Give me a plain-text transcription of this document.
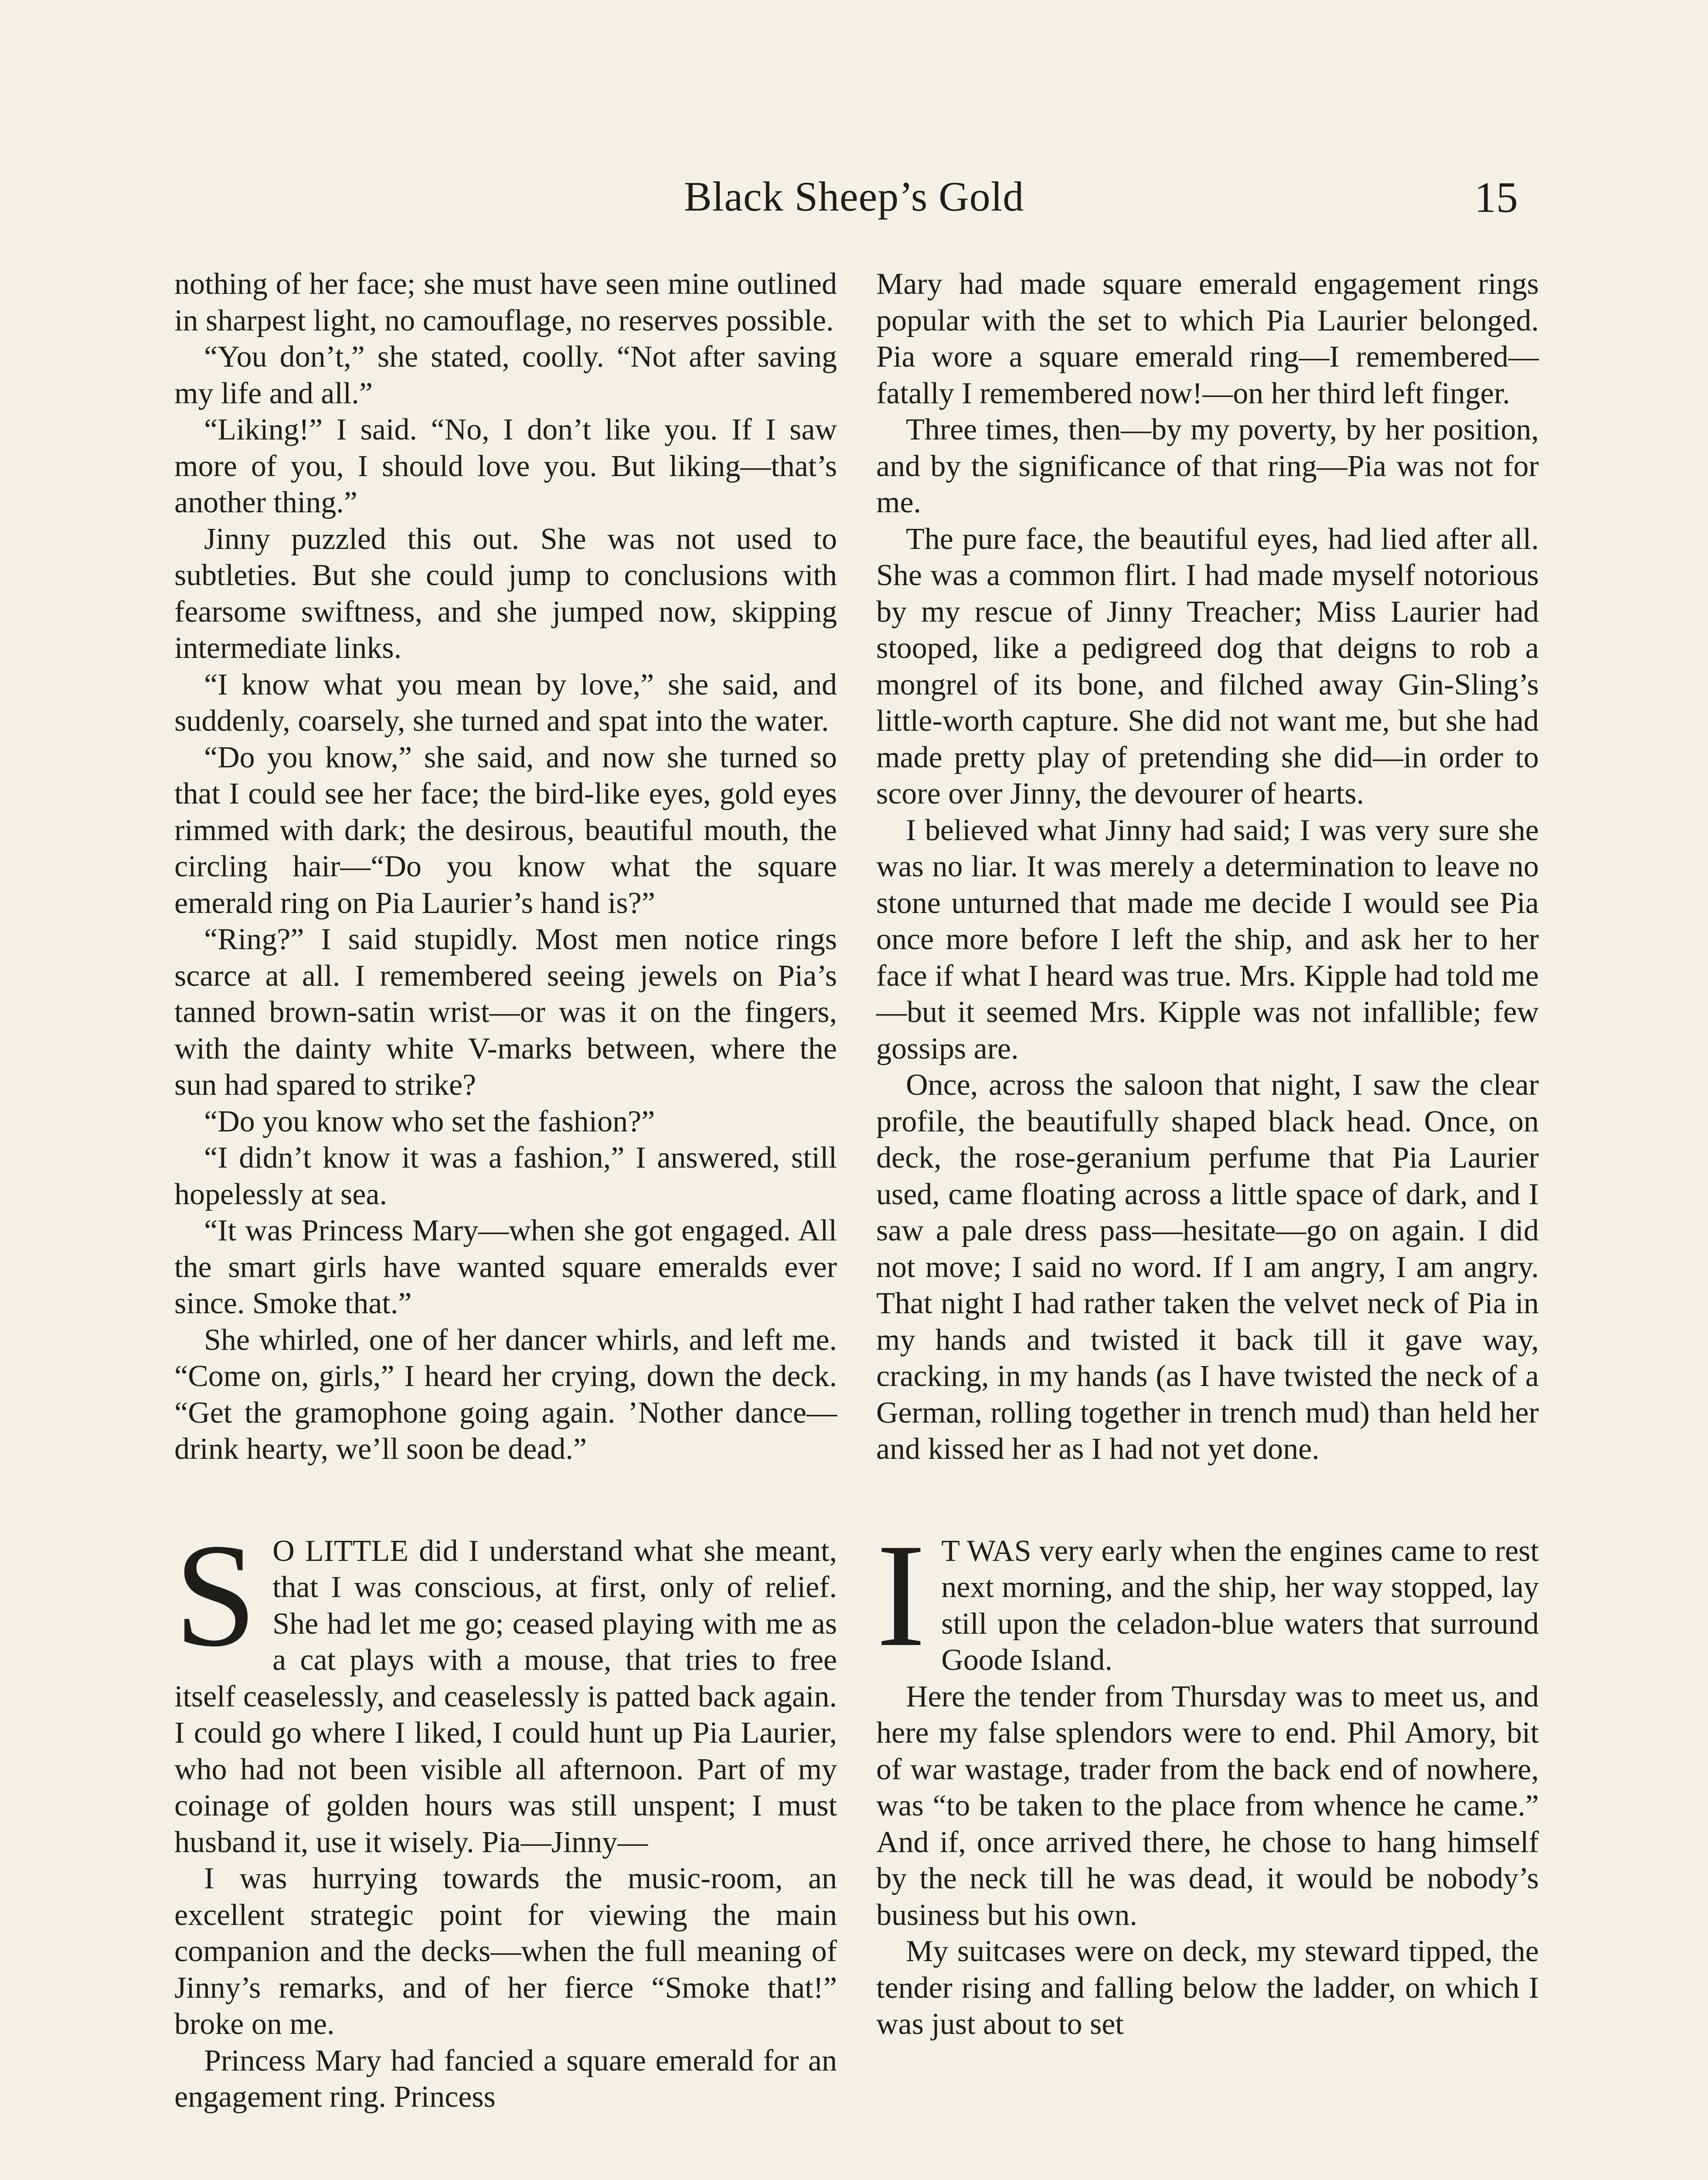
Black Sheep’s Gold	15

nothing of her face; she must have seen mine outlined in sharpest light, no camouflage, no reserves possible.

“You don’t,” she stated, coolly. “Not after saving my life and all.”

“Liking!” I said. “No, I don’t like you. If I saw more of you, I should love you. But liking—that’s another thing.”

Jinny puzzled this out. She was not used to subtleties. But she could jump to conclusions with fearsome swiftness, and she jumped now, skipping intermediate links.

“I know what you mean by love,” she said, and suddenly, coarsely, she turned and spat into the water.

“Do you know,” she said, and now she turned so that I could see her face; the bird-like eyes, gold eyes rimmed with dark; the desirous, beautiful mouth, the circling hair—“Do you know what the square emerald ring on Pia Laurier’s hand is?”

“Ring?” I said stupidly. Most men notice rings scarce at all. I remembered seeing jewels on Pia’s tanned brown-satin wrist—or was it on the fingers, with the dainty white V-marks between, where the sun had spared to strike?

“Do you know who set the fashion?”

“I didn’t know it was a fashion,” I answered, still hopelessly at sea.

“It was Princess Mary—when she got engaged. All the smart girls have wanted square emeralds ever since. Smoke that.”

She whirled, one of her dancer whirls, and left me. “Come on, girls,” I heard her crying, down the deck. “Get the gramophone going again. ’Nother dance—drink hearty, we’ll soon be dead.”

S O LITTLE did I understand what she meant, that I was conscious, at first, only of relief. She had let me go; ceased playing with me as a cat plays with a mouse, that tries to free itself ceaselessly, and ceaselessly is patted back again. I could go where I liked, I could hunt up Pia Laurier, who had not been visible all afternoon. Part of my coinage of golden hours was still unspent; I must husband it, use it wisely. Pia—Jinny—

I was hurrying towards the music-room, an excellent strategic point for viewing the main companion and the decks—when the full meaning of Jinny’s remarks, and of her fierce “Smoke that!” broke on me.

Princess Mary had fancied a square emerald for an engagement ring. Princess

Mary had made square emerald engagement rings popular with the set to which Pia Laurier belonged. Pia wore a square emerald ring—I remembered—fatally I remembered now!—on her third left finger.

Three times, then—by my poverty, by her position, and by the significance of that ring—Pia was not for me.

The pure face, the beautiful eyes, had lied after all. She was a common flirt. I had made myself notorious by my rescue of Jinny Treacher; Miss Laurier had stooped, like a pedigreed dog that deigns to rob a mongrel of its bone, and filched away Gin-Sling’s little-worth capture. She did not want me, but she had made pretty play of pretending she did—in order to score over Jinny, the devourer of hearts.

I believed what Jinny had said; I was very sure she was no liar. It was merely a determination to leave no stone unturned that made me decide I would see Pia once more before I left the ship, and ask her to her face if what I heard was true. Mrs. Kipple had told me—but it seemed Mrs. Kipple was not infallible; few gossips are.

Once, across the saloon that night, I saw the clear profile, the beautifully shaped black head. Once, on deck, the rose-geranium perfume that Pia Laurier used, came floating across a little space of dark, and I saw a pale dress pass—hesitate—go on again. I did not move; I said no word. If I am angry, I am angry. That night I had rather taken the velvet neck of Pia in my hands and twisted it back till it gave way, cracking, in my hands (as I have twisted the neck of a German, rolling together in trench mud) than held her and kissed her as I had not yet done.

I T WAS very early when the engines came to rest next morning, and the ship, her way stopped, lay still upon the celadon-blue waters that surround Goode Island.

Here the tender from Thursday was to meet us, and here my false splendors were to end. Phil Amory, bit of war wastage, trader from the back end of nowhere, was “to be taken to the place from whence he came.” And if, once arrived there, he chose to hang himself by the neck till he was dead, it would be nobody’s business but his own.

My suitcases were on deck, my steward tipped, the tender rising and falling below the ladder, on which I was just about to set
